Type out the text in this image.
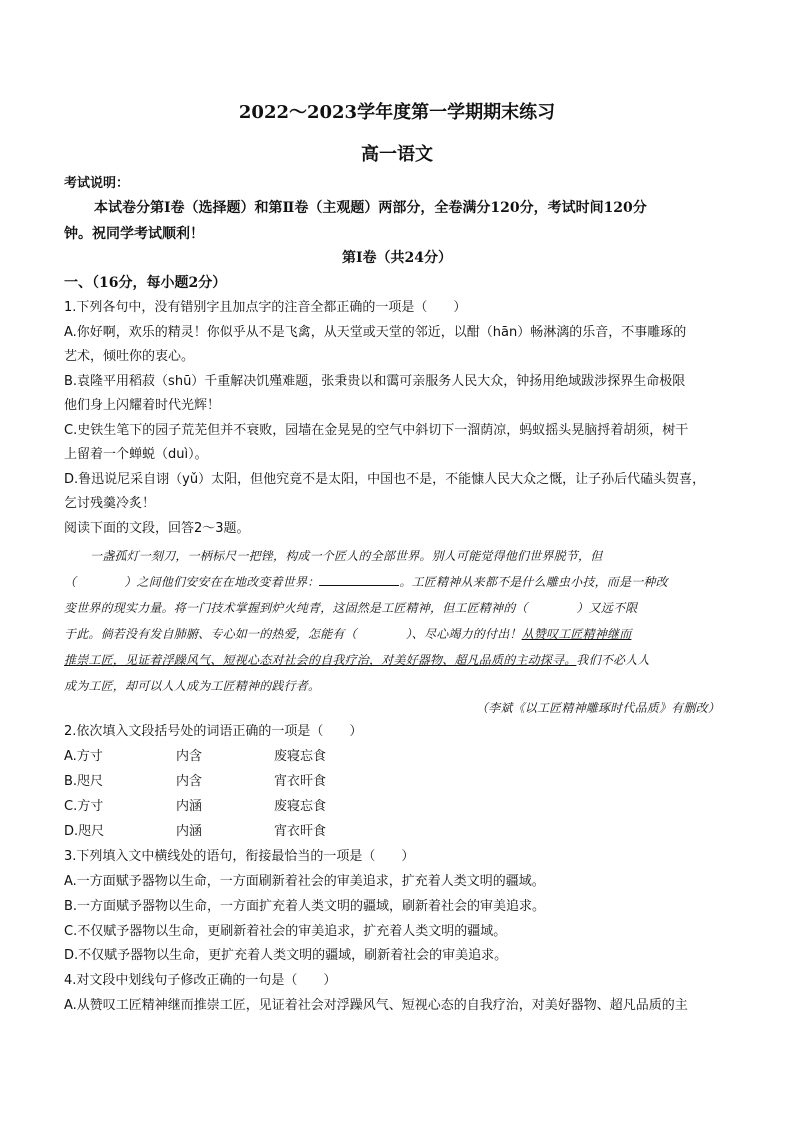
2022～2023学年度第一学期期末练习
高一语文
考试说明：
本试卷分第Ⅰ卷（选择题）和第Ⅱ卷（主观题）两部分，全卷满分120分，考试时间120分
钟。祝同学考试顺利！
第Ⅰ卷（共24分）
一、（16分，每小题2分）
1.下列各句中，没有错别字且加点字的注音全都正确的一项是（　　）
A.你好啊，欢乐的精灵！你似乎从不是飞禽，从天堂或天堂的邻近，以酣（hān）畅淋漓的乐音，不事雕琢的
艺术，倾吐你的衷心。
B.袁隆平用稻菽（shū）千重解决饥殣难题，张秉贵以和霭可亲服务人民大众，钟扬用绝域跋涉探界生命极限
他们身上闪耀着时代光辉！
C.史铁生笔下的园子荒芜但并不衰败，园墙在金晃晃的空气中斜切下一溜荫凉，蚂蚁摇头晃脑捋着胡须，树干
上留着一个蝉蜕（duì）。
D.鲁迅说尼采自诩（yǔ）太阳，但他究竟不是太阳，中国也不是，不能慷人民大众之慨，让子孙后代磕头贺喜，
乞讨残羹冷炙！
阅读下面的文段，回答2～3题。
一盏孤灯一刻刀，一柄标尺一把锉，构成一个匠人的全部世界。别人可能觉得他们世界脱节，但
（	）之间他们安安在在地改变着世界：	。工匠精神从来都不是什么雕虫小技，而是一种改
变世界的现实力量。将一门技术掌握到炉火纯青，这固然是工匠精神，但工匠精神的（　　　　）又远不限
于此。倘若没有发自肺腑、专心如一的热爱，怎能有（　　　　）、尽心竭力的付出！从赞叹工匠精神继而
推崇工匠，见证着浮躁风气、短视心态对社会的自我疗治，对美好器物、超凡品质的主动探寻。我们不必人人
成为工匠，却可以人人成为工匠精神的践行者。
（李斌《以工匠精神雕琢时代品质》有删改）
2.依次填入文段括号处的词语正确的一项是（　　）
A.方寸	内含	废寝忘食
B.咫尺	内含	宵衣旰食
C.方寸	内涵	废寝忘食
D.咫尺	内涵	宵衣旰食
3.下列填入文中横线处的语句，衔接最恰当的一项是（　　）
A.一方面赋予器物以生命，一方面刷新着社会的审美追求，扩充着人类文明的疆域。
B.一方面赋予器物以生命，一方面扩充着人类文明的疆域，刷新着社会的审美追求。
C.不仅赋予器物以生命，更刷新着社会的审美追求，扩充着人类文明的疆域。
D.不仅赋予器物以生命，更扩充着人类文明的疆域，刷新着社会的审美追求。
4.对文段中划线句子修改正确的一句是（　　）
A.从赞叹工匠精神继而推崇工匠，见证着社会对浮躁风气、短视心态的自我疗治，对美好器物、超凡品质的主
